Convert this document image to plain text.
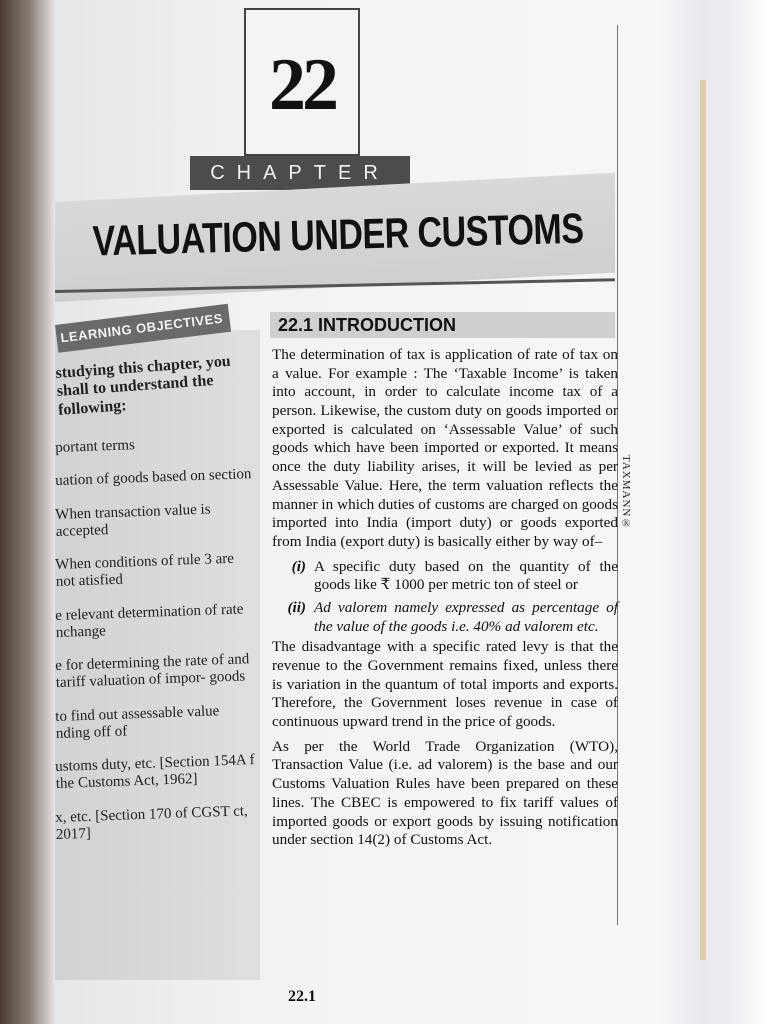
22
CHAPTER
VALUATION UNDER CUSTOMS
LEARNING OBJECTIVES
studying this chapter, you shall to understand the following:
portant terms
uation of goods based on section
When transaction value is accepted
When conditions of rule 3 are not atisfied
e relevant determination of rate nchange
e for determining the rate of and tariff valuation of impor- goods
to find out assessable value nding off of
ustoms duty, etc. [Section 154A f the Customs Act, 1962]
x, etc. [Section 170 of CGST ct, 2017]
22.1 INTRODUCTION

The determination of tax is application of rate of tax on a value. For example : The ‘Taxable Income’ is taken into account, in order to calculate income tax of a person. Likewise, the custom duty on goods imported or exported is calculated on ‘Assessable Value’ of such goods which have been imported or exported. It means once the duty liability arises, it will be levied as per Assessable Value. Here, the term valuation reflects the manner in which duties of customs are charged on goods imported into India (import duty) or goods exported from India (export duty) is basically either by way of–

(i) A specific duty based on the quantity of the goods like ₹ 1000 per metric ton of steel or
(ii) Ad valorem namely expressed as percentage of the value of the goods i.e. 40% ad valorem etc.

The disadvantage with a specific rated levy is that the revenue to the Government remains fixed, unless there is variation in the quantum of total imports and exports. Therefore, the Government loses revenue in case of continuous upward trend in the price of goods.

As per the World Trade Organization (WTO), Transaction Value (i.e. ad valorem) is the base and our Customs Valuation Rules have been prepared on these lines. The CBEC is empowered to fix tariff values of imported goods or export goods by issuing notification under section 14(2) of Customs Act.

TAXMANN®
22.1
